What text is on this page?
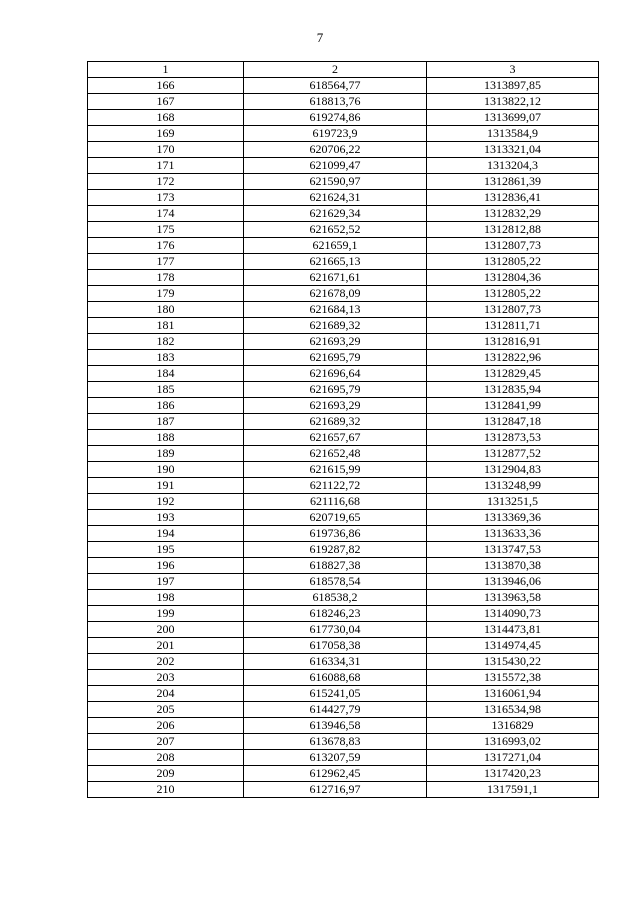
7
1	2	3
166	618564,77	1313897,85
167	618813,76	1313822,12
168	619274,86	1313699,07
169	619723,9	1313584,9
170	620706,22	1313321,04
171	621099,47	1313204,3
172	621590,97	1312861,39
173	621624,31	1312836,41
174	621629,34	1312832,29
175	621652,52	1312812,88
176	621659,1	1312807,73
177	621665,13	1312805,22
178	621671,61	1312804,36
179	621678,09	1312805,22
180	621684,13	1312807,73
181	621689,32	1312811,71
182	621693,29	1312816,91
183	621695,79	1312822,96
184	621696,64	1312829,45
185	621695,79	1312835,94
186	621693,29	1312841,99
187	621689,32	1312847,18
188	621657,67	1312873,53
189	621652,48	1312877,52
190	621615,99	1312904,83
191	621122,72	1313248,99
192	621116,68	1313251,5
193	620719,65	1313369,36
194	619736,86	1313633,36
195	619287,82	1313747,53
196	618827,38	1313870,38
197	618578,54	1313946,06
198	618538,2	1313963,58
199	618246,23	1314090,73
200	617730,04	1314473,81
201	617058,38	1314974,45
202	616334,31	1315430,22
203	616088,68	1315572,38
204	615241,05	1316061,94
205	614427,79	1316534,98
206	613946,58	1316829
207	613678,83	1316993,02
208	613207,59	1317271,04
209	612962,45	1317420,23
210	612716,97	1317591,1
